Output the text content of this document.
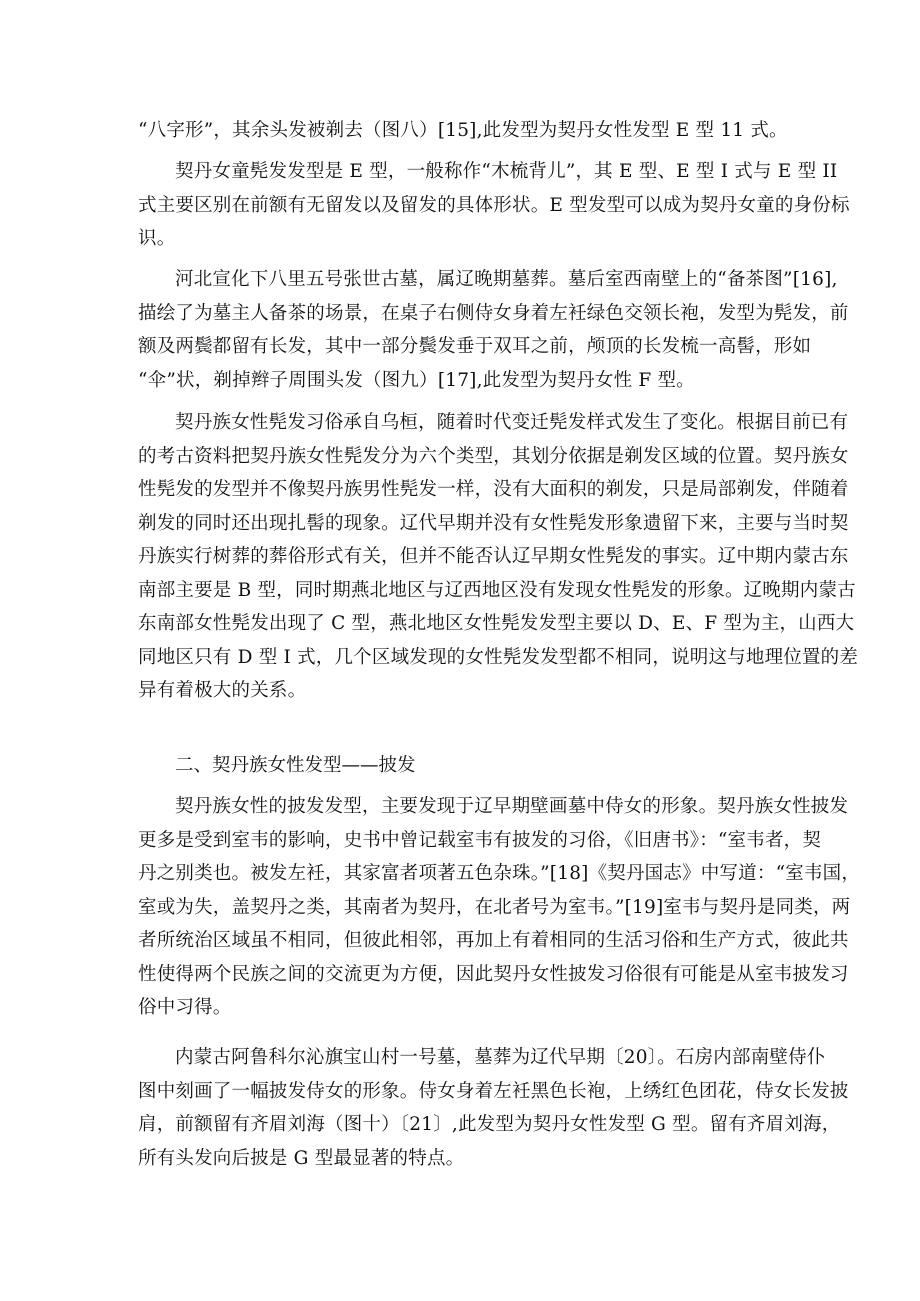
“八字形”，其余头发被剃去（图八）[15],此发型为契丹女性发型 E 型 11 式。

契丹女童髡发发型是 E 型，一般称作“木梳背儿”，其 E 型、E 型 I 式与 E 型 II
式主要区别在前额有无留发以及留发的具体形状。E 型发型可以成为契丹女童的身份标
识。

河北宣化下八里五号张世古墓，属辽晚期墓葬。墓后室西南壁上的“备茶图”[16],
描绘了为墓主人备茶的场景，在桌子右侧侍女身着左衽绿色交领长袍，发型为髡发，前
额及两鬓都留有长发，其中一部分鬓发垂于双耳之前，颅顶的长发梳一高髻，形如
“伞”状，剃掉辫子周围头发（图九）[17],此发型为契丹女性 F 型。

契丹族女性髡发习俗承自乌桓，随着时代变迁髡发样式发生了变化。根据目前已有
的考古资料把契丹族女性髡发分为六个类型，其划分依据是剃发区域的位置。契丹族女
性髡发的发型并不像契丹族男性髡发一样，没有大面积的剃发，只是局部剃发，伴随着
剃发的同时还出现扎髻的现象。辽代早期并没有女性髡发形象遗留下来，主要与当时契
丹族实行树葬的葬俗形式有关，但并不能否认辽早期女性髡发的事实。辽中期内蒙古东
南部主要是 B 型，同时期燕北地区与辽西地区没有发现女性髡发的形象。辽晚期内蒙古
东南部女性髡发出现了 C 型，燕北地区女性髡发发型主要以 D、E、F 型为主，山西大
同地区只有 D 型 I 式，几个区域发现的女性髡发发型都不相同，说明这与地理位置的差
异有着极大的关系。

二、契丹族女性发型——披发

契丹族女性的披发发型，主要发现于辽早期壁画墓中侍女的形象。契丹族女性披发
更多是受到室韦的影响，史书中曾记载室韦有披发的习俗，《旧唐书》：“室韦者，契
丹之别类也。被发左衽，其家富者项著五色杂珠。”[18]《契丹国志》中写道：“室韦国，
室或为失，盖契丹之类，其南者为契丹，在北者号为室韦。”[19]室韦与契丹是同类，两
者所统治区域虽不相同，但彼此相邻，再加上有着相同的生活习俗和生产方式，彼此共
性使得两个民族之间的交流更为方便，因此契丹女性披发习俗很有可能是从室韦披发习
俗中习得。

内蒙古阿鲁科尔沁旗宝山村一号墓，墓葬为辽代早期〔20〕。石房内部南壁侍仆
图中刻画了一幅披发侍女的形象。侍女身着左衽黑色长袍，上绣红色团花，侍女长发披
肩，前额留有齐眉刘海（图十）〔21〕,此发型为契丹女性发型 G 型。留有齐眉刘海，
所有头发向后披是 G 型最显著的特点。
